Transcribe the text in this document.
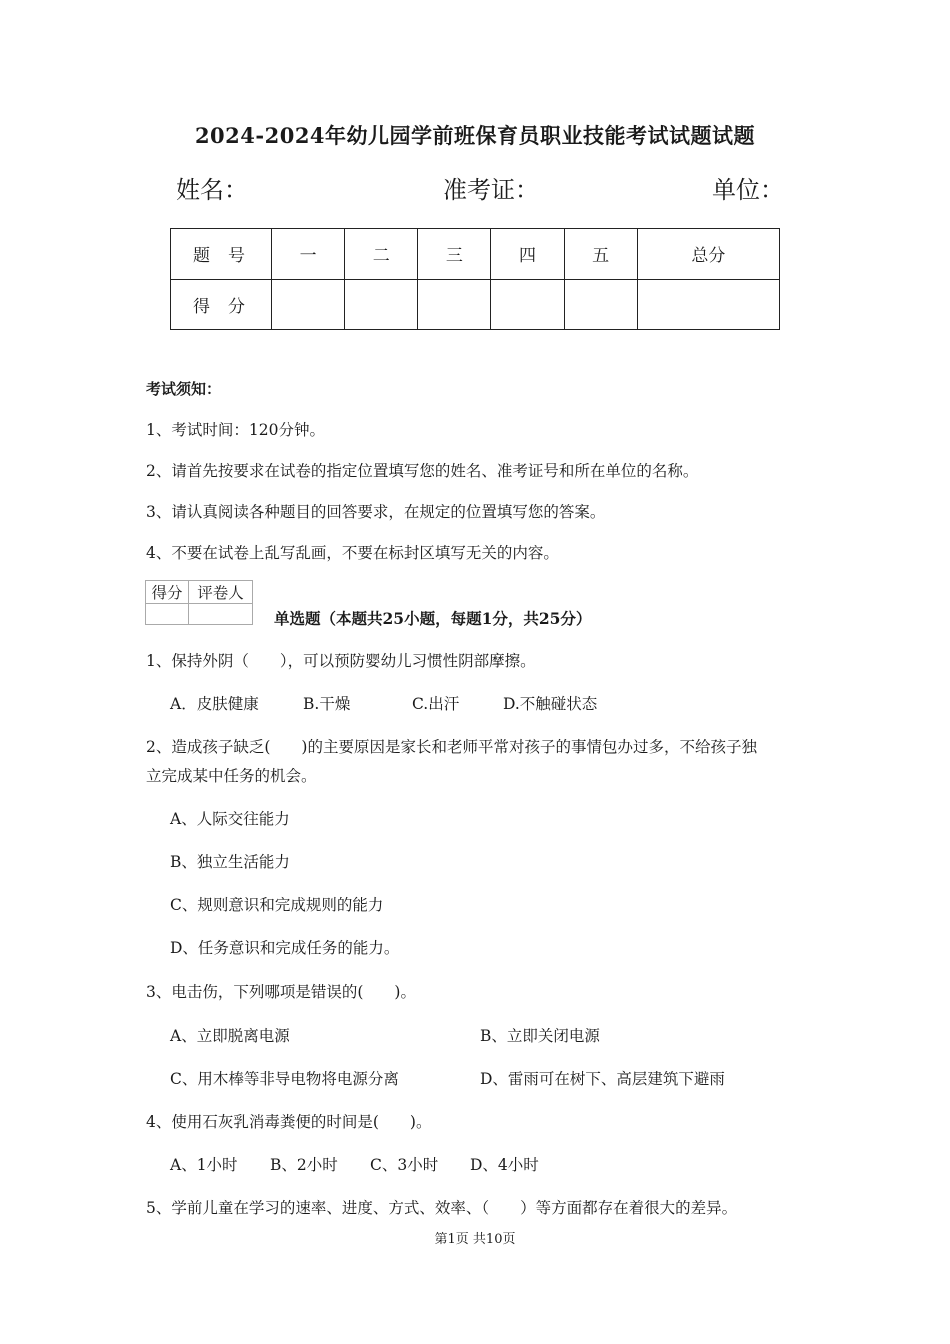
2024-2024年幼儿园学前班保育员职业技能考试试题试题
姓名：	准考证：	单位：
题号	一	二	三	四	五	总分
得分						
考试须知：
1、考试时间：120分钟。
2、请首先按要求在试卷的指定位置填写您的姓名、准考证号和所在单位的名称。
3、请认真阅读各种题目的回答要求，在规定的位置填写您的答案。
4、不要在试卷上乱写乱画，不要在标封区填写无关的内容。
得分	评卷人

单选题（本题共25小题，每题1分，共25分）
1、保持外阴（　　），可以预防婴幼儿习惯性阴部摩擦。
A．皮肤健康	B.干燥	C.出汗	D.不触碰状态
2、造成孩子缺乏(　　)的主要原因是家长和老师平常对孩子的事情包办过多，不给孩子独
立完成某中任务的机会。
A、人际交往能力
B、独立生活能力
C、规则意识和完成规则的能力
D、任务意识和完成任务的能力。
3、电击伤，下列哪项是错误的(　　)。
A、立即脱离电源	B、立即关闭电源
C、用木棒等非导电物将电源分离	D、雷雨可在树下、高层建筑下避雨
4、使用石灰乳消毒粪便的时间是(　　)。
A、1小时 B、2小时 C、3小时 D、4小时
5、学前儿童在学习的速率、进度、方式、效率、（　　）等方面都存在着很大的差异。
第1页 共10页
